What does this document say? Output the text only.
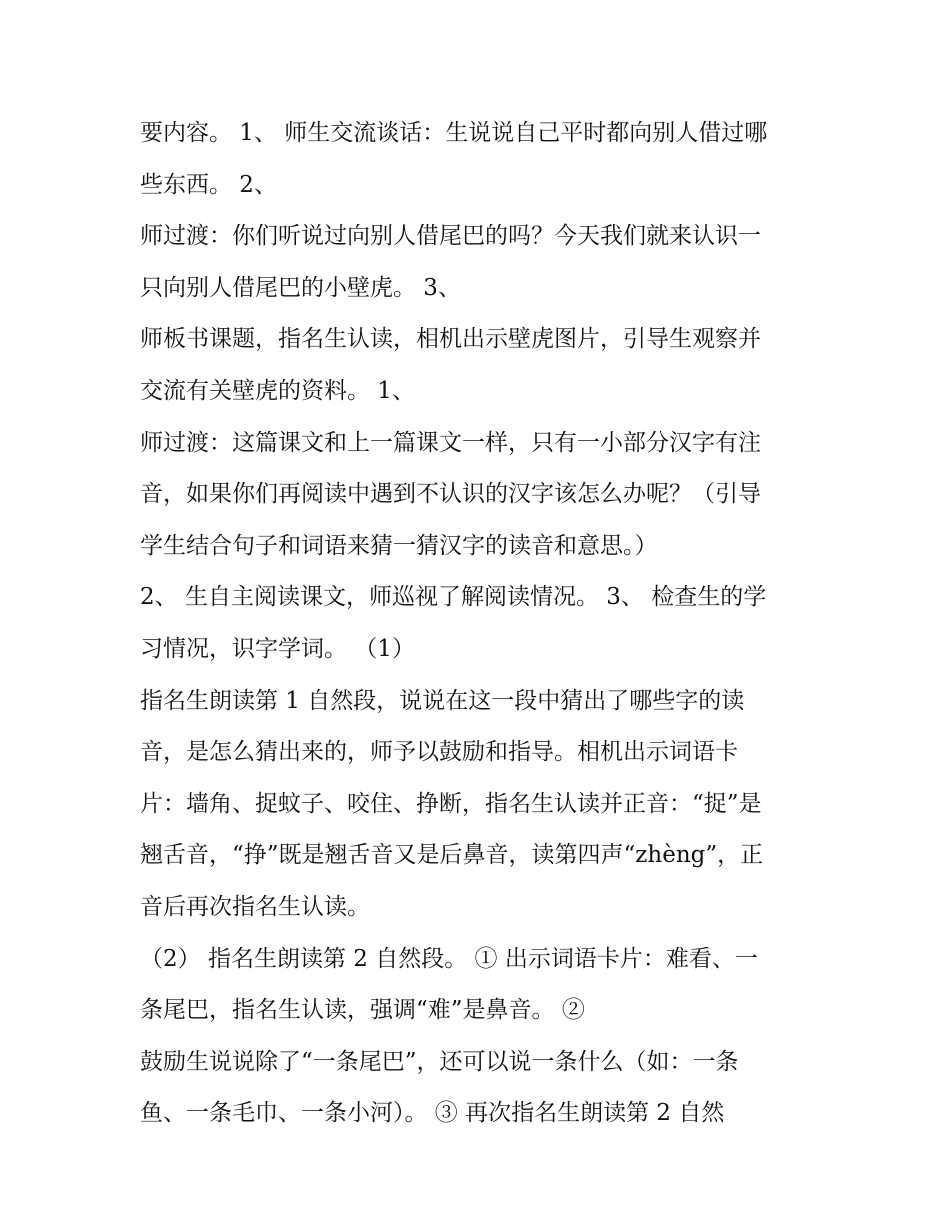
要内容。 1、 师生交流谈话：生说说自己平时都向别人借过哪
些东西。 2、
师过渡：你们听说过向别人借尾巴的吗？今天我们就来认识一
只向别人借尾巴的小壁虎。 3、
师板书课题，指名生认读，相机出示壁虎图片，引导生观察并
交流有关壁虎的资料。 1、
师过渡：这篇课文和上一篇课文一样，只有一小部分汉字有注
音，如果你们再阅读中遇到不认识的汉字该怎么办呢？（引导
学生结合句子和词语来猜一猜汉字的读音和意思。）
2、 生自主阅读课文，师巡视了解阅读情况。 3、 检查生的学
习情况，识字学词。 （1）
指名生朗读第 1 自然段，说说在这一段中猜出了哪些字的读
音，是怎么猜出来的，师予以鼓励和指导。相机出示词语卡
片：墙角、捉蚊子、咬住、挣断，指名生认读并正音：“捉”是
翘舌音，“挣”既是翘舌音又是后鼻音，读第四声“zhèng”，正
音后再次指名生认读。
（2） 指名生朗读第 2 自然段。 ① 出示词语卡片：难看、一
条尾巴，指名生认读，强调“难”是鼻音。 ②
鼓励生说说除了“一条尾巴”，还可以说一条什么（如：一条
鱼、一条毛巾、一条小河）。 ③ 再次指名生朗读第 2 自然
